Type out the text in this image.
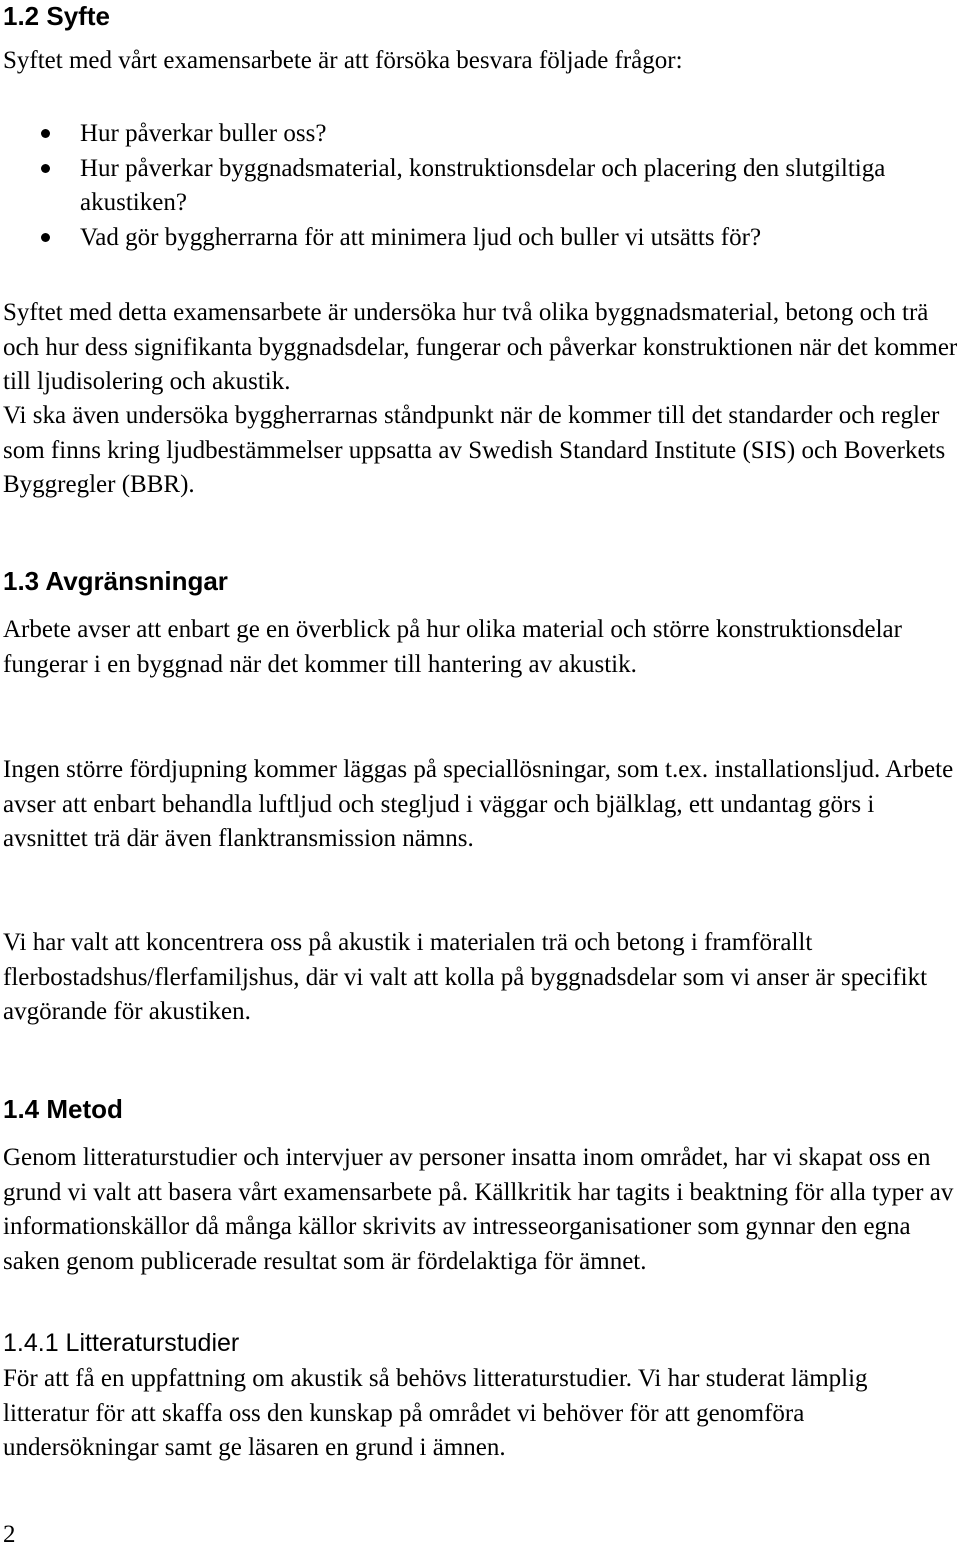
1.2 Syfte

Syftet med vårt examensarbete är att försöka besvara följade frågor:

Hur påverkar buller oss?
Hur påverkar byggnadsmaterial, konstruktionsdelar och placering den slutgiltiga akustiken?
Vad gör byggherrarna för att minimera ljud och buller vi utsätts för?

Syftet med detta examensarbete är undersöka hur två olika byggnadsmaterial, betong och trä och hur dess signifikanta byggnadsdelar, fungerar och påverkar konstruktionen när det kommer till ljudisolering och akustik.

Vi ska även undersöka byggherrarnas ståndpunkt när de kommer till det standarder och regler som finns kring ljudbestämmelser uppsatta av Swedish Standard Institute (SIS) och Boverkets Byggregler (BBR).

1.3 Avgränsningar

Arbete avser att enbart ge en överblick på hur olika material och större konstruktionsdelar fungerar i en byggnad när det kommer till hantering av akustik.

Ingen större fördjupning kommer läggas på speciallösningar, som t.ex. installationsljud. Arbete avser att enbart behandla luftljud och stegljud i väggar och bjälklag, ett undantag görs i avsnittet trä där även flanktransmission nämns.

Vi har valt att koncentrera oss på akustik i materialen trä och betong i framförallt flerbostadshus/flerfamiljshus, där vi valt att kolla på byggnadsdelar som vi anser är specifikt avgörande för akustiken.

1.4 Metod

Genom litteraturstudier och intervjuer av personer insatta inom området, har vi skapat oss en grund vi valt att basera vårt examensarbete på. Källkritik har tagits i beaktning för alla typer av informationskällor då många källor skrivits av intresseorganisationer som gynnar den egna saken genom publicerade resultat som är fördelaktiga för ämnet.

1.4.1 Litteraturstudier

För att få en uppfattning om akustik så behövs litteraturstudier. Vi har studerat lämplig litteratur för att skaffa oss den kunskap på området vi behöver för att genomföra undersökningar samt ge läsaren en grund i ämnen.

2
